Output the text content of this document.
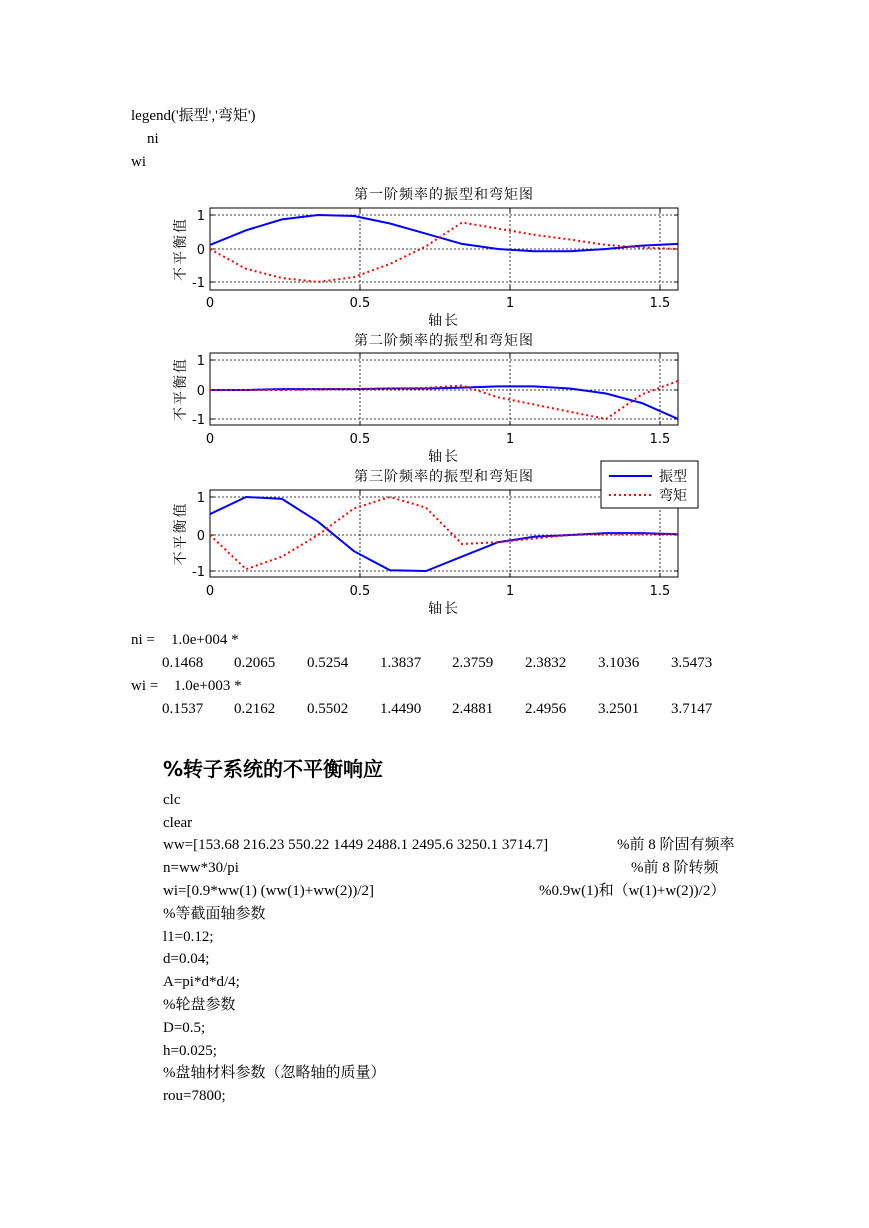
legend('振型','弯矩')
ni
wi
0	0.5	1	1.5
1
0
-1
第一阶频率的振型和弯矩图
轴长
不平衡值
0	0.5	1	1.5
1
0
-1
第二阶频率的振型和弯矩图
轴长
不平衡值
0	0.5	1	1.5
1
0
-1
第三阶频率的振型和弯矩图
轴长
不平衡值
振型
弯矩
ni = 1.0e+004 *
0.1468 0.2065 0.5254 1.3837 2.3759 2.3832 3.1036 3.5473
wi = 1.0e+003 *
0.1537 0.2162 0.5502 1.4490 2.4881 2.4956 3.2501 3.7147
%转子系统的不平衡响应
clc
clear
ww=[153.68 216.23 550.22 1449 2488.1 2495.6 3250.1 3714.7]	%前 8 阶固有频率
n=ww*30/pi	%前 8 阶转频
wi=[0.9*ww(1) (ww(1)+ww(2))/2]	%0.9w(1)和（w(1)+w(2))/2）
%等截面轴参数
l1=0.12;
d=0.04;
A=pi*d*d/4;
%轮盘参数
D=0.5;
h=0.025;
%盘轴材料参数（忽略轴的质量）
rou=7800;
